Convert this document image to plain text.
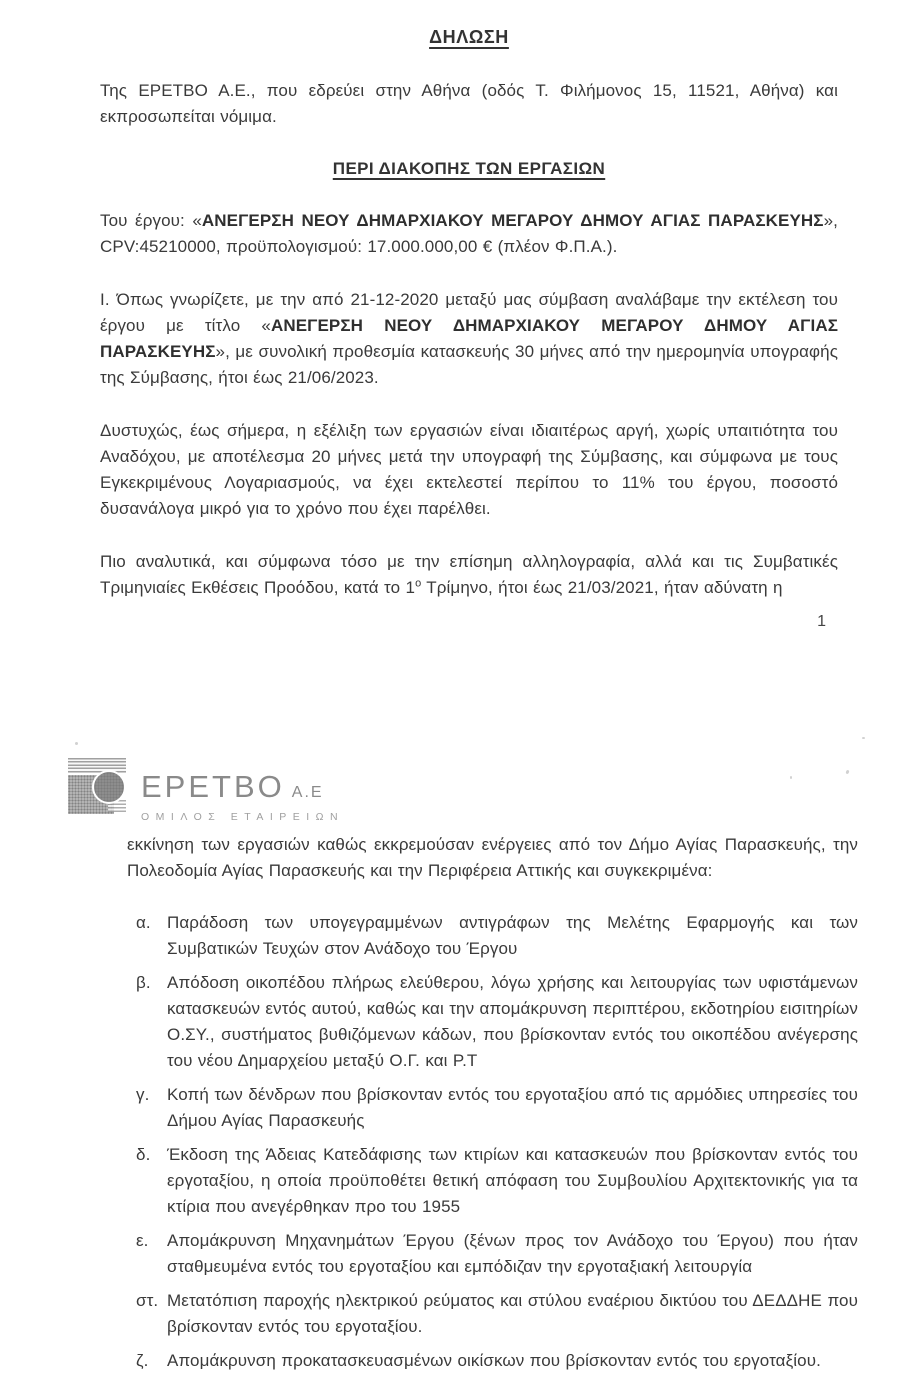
ΔΗΛΩΣΗ

Της ΕΡΕΤΒΟ Α.Ε., που εδρεύει στην Αθήνα (οδός Τ. Φιλήμονος 15, 11521, Αθήνα) και εκπροσωπείται νόμιμα.

ΠΕΡΙ ΔΙΑΚΟΠΗΣ ΤΩΝ ΕΡΓΑΣΙΩΝ

Του έργου: «ΑΝΕΓΕΡΣΗ ΝΕΟΥ ΔΗΜΑΡΧΙΑΚΟΥ ΜΕΓΑΡΟΥ ΔΗΜΟΥ ΑΓΙΑΣ ΠΑΡΑΣΚΕΥΗΣ», CPV:45210000, προϋπολογισμού: 17.000.000,00 € (πλέον Φ.Π.Α.).

Ι. Όπως γνωρίζετε, με την από 21-12-2020 μεταξύ μας σύμβαση αναλάβαμε την εκτέλεση του έργου με τίτλο «ΑΝΕΓΕΡΣΗ ΝΕΟΥ ΔΗΜΑΡΧΙΑΚΟΥ ΜΕΓΑΡΟΥ ΔΗΜΟΥ ΑΓΙΑΣ ΠΑΡΑΣΚΕΥΗΣ», με συνολική προθεσμία κατασκευής 30 μήνες από την ημερομηνία υπογραφής της Σύμβασης, ήτοι έως 21/06/2023.

Δυστυχώς, έως σήμερα, η εξέλιξη των εργασιών είναι ιδιαιτέρως αργή, χωρίς υπαιτιότητα του Αναδόχου, με αποτέλεσμα 20 μήνες μετά την υπογραφή της Σύμβασης, και σύμφωνα με τους Εγκεκριμένους Λογαριασμούς, να έχει εκτελεστεί περίπου το 11% του έργου, ποσοστό δυσανάλογα μικρό για το χρόνο που έχει παρέλθει.

Πιο αναλυτικά, και σύμφωνα τόσο με την επίσημη αλληλογραφία, αλλά και τις Συμβατικές Τριμηνιαίες Εκθέσεις Προόδου, κατά το $1^o$ Τρίμηνο, ήτοι έως 21/03/2021, ήταν αδύνατη η

1
ΕΡΕΤΒΟ Α.Ε
ΟΜΙΛΟΣ ΕΤΑΙΡΕΙΩΝ

εκκίνηση των εργασιών καθώς εκκρεμούσαν ενέργειες από τον Δήμο Αγίας Παρασκευής, την Πολεοδομία Αγίας Παρασκευής και την Περιφέρεια Αττικής και συγκεκριμένα:

α. Παράδοση των υπογεγραμμένων αντιγράφων της Μελέτης Εφαρμογής και των Συμβατικών Τευχών στον Ανάδοχο του Έργου
β. Απόδοση οικοπέδου πλήρως ελεύθερου, λόγω χρήσης και λειτουργίας των υφιστάμενων κατασκευών εντός αυτού, καθώς και την απομάκρυνση περιπτέρου, εκδοτηρίου εισιτηρίων Ο.ΣΥ., συστήματος βυθιζόμενων κάδων, που βρίσκονταν εντός του οικοπέδου ανέγερσης του νέου Δημαρχείου μεταξύ Ο.Γ. και Ρ.Τ
γ.	Κοπή των δένδρων που βρίσκονταν εντός του εργοταξίου από τις αρμόδιες υπηρεσίες του Δήμου Αγίας Παρασκευής
δ. Έκδοση της Άδειας Κατεδάφισης των κτιρίων και κατασκευών που βρίσκονταν εντός του εργοταξίου, η οποία προϋποθέτει θετική απόφαση του Συμβουλίου Αρχιτεκτονικής για τα κτίρια που ανεγέρθηκαν προ του 1955
ε.	Απομάκρυνση Μηχανημάτων Έργου (ξένων προς τον Ανάδοχο του Έργου) που ήταν σταθμευμένα εντός του εργοταξίου και εμπόδιζαν την εργοταξιακή λειτουργία
στ. Μετατόπιση παροχής ηλεκτρικού ρεύματος και στύλου εναέριου δικτύου του ΔΕΔΔΗΕ που βρίσκονταν εντός του εργοταξίου.
ζ.	Απομάκρυνση προκατασκευασμένων οικίσκων που βρίσκονταν εντός του εργοταξίου.
